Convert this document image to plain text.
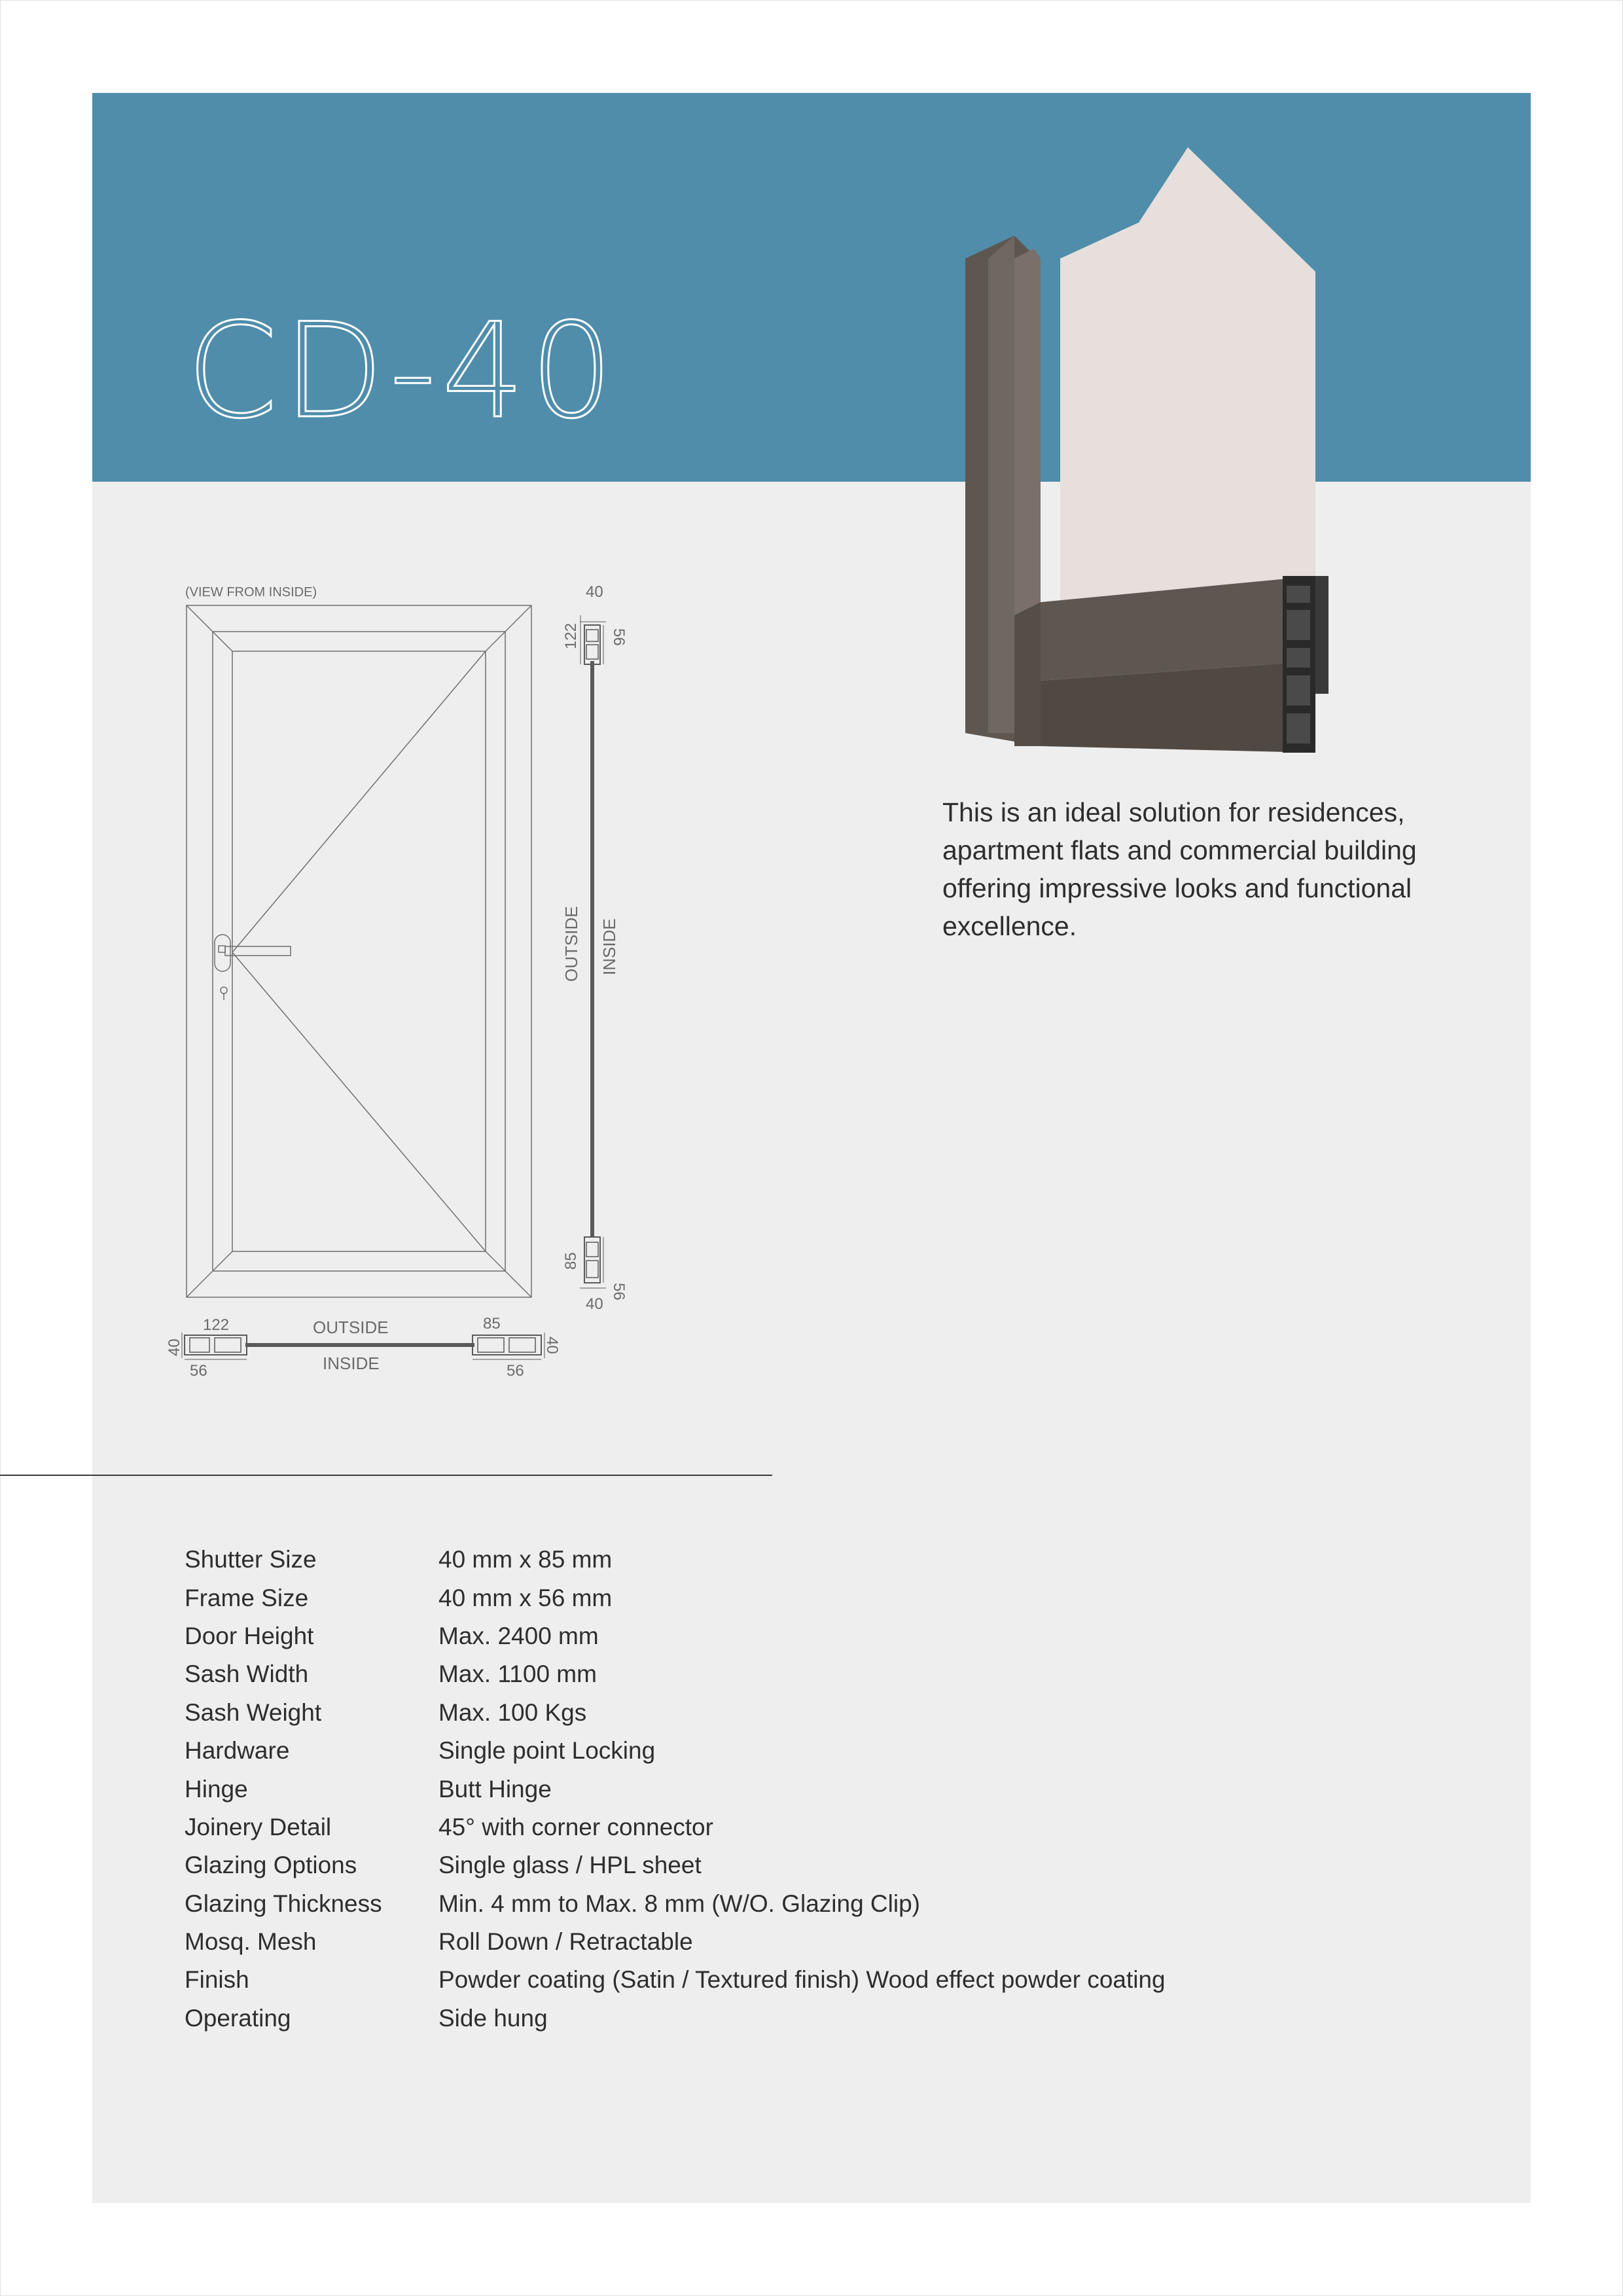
CD-40
This is an ideal solution for residences, apartment flats and commercial building offering impressive looks and functional excellence.
(VIEW FROM INSIDE)	40
56
122
85
56
40
OUTSIDE INSIDE
122
40
56
85
40
56
OUTSIDE
INSIDE
Shutter Size	40 mm x 85 mm
Frame Size	40 mm x 56 mm
Door Height	Max. 2400 mm
Sash Width	Max. 1100 mm
Sash Weight	Max. 100 Kgs
Hardware	Single point Locking
Hinge	Butt Hinge
Joinery Detail	45° with corner connector
Glazing Options	Single glass / HPL sheet
Glazing Thickness	Min. 4 mm to Max. 8 mm (W/O. Glazing Clip)
Mosq. Mesh	Roll Down / Retractable
Finish	Powder coating (Satin / Textured finish) Wood effect powder coating
Operating	Side hung
